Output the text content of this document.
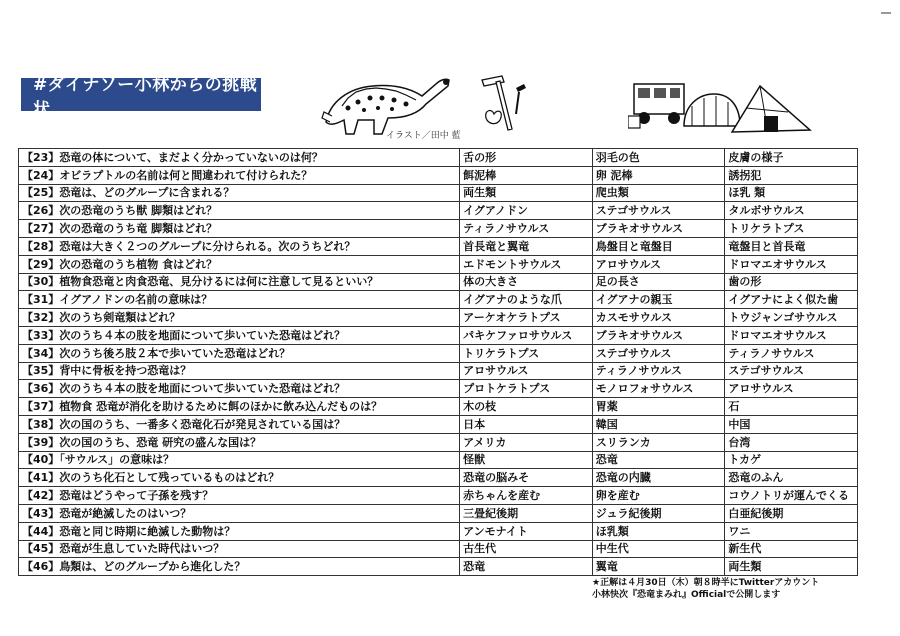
#ダイナソー小林からの挑戦状
イラスト／田中 藍
【23】恐竜の体について、まだよく分かっていないのは何？	舌の形	羽毛の色	皮膚の様子
【24】オビラプトルの名前は何と間違われて付けられた？	餌泥棒	卵 泥棒	誘拐犯
【25】恐竜は、どのグループに含まれる？	両生類	爬虫類	ほ乳 類
【26】次の恐竜のうち獣 脚類はどれ？	イグアノドン	ステゴサウルス	タルボサウルス
【27】次の恐竜のうち竜 脚類はどれ？	ティラノサウルス	ブラキオサウルス	トリケラトプス
【28】恐竜は大きく２つのグループに分けられる。次のうちどれ？	首長竜と翼竜	鳥盤目と竜盤目	竜盤目と首長竜
【29】次の恐竜のうち植物 食はどれ？	エドモントサウルス	アロサウルス	ドロマエオサウルス
【30】植物食恐竜と肉食恐竜、見分けるには何に注意して見るといい？	体の大きさ	足の長さ	歯の形
【31】イグアノドンの名前の意味は？	イグアナのような爪	イグアナの親玉	イグアナによく似た歯
【32】次のうち剣竜類はどれ？	アーケオケラトプス	カスモサウルス	トウジャンゴサウルス
【33】次のうち４本の肢を地面について歩いていた恐竜はどれ？	パキケファロサウルス	ブラキオサウルス	ドロマエオサウルス
【34】次のうち後ろ肢２本で歩いていた恐竜はどれ？	トリケラトプス	ステゴサウルス	ティラノサウルス
【35】背中に骨板を持つ恐竜は？	アロサウルス	ティラノサウルス	ステゴサウルス
【36】次のうち４本の肢を地面について歩いていた恐竜はどれ？	プロトケラトプス	モノロフォサウルス	アロサウルス
【37】植物食 恐竜が消化を助けるために餌のほかに飲み込んだものは？	木の枝	胃薬	石
【38】次の国のうち、一番多く恐竜化石が発見されている国は？	日本	韓国	中国
【39】次の国のうち、恐竜 研究の盛んな国は？	アメリカ	スリランカ	台湾
【40】「サウルス」の意味は？	怪獣	恐竜	トカゲ
【41】次のうち化石として残っているものはどれ？	恐竜の脳みそ	恐竜の内臓	恐竜のふん
【42】恐竜はどうやって子孫を残す？	赤ちゃんを産む	卵を産む	コウノトリが運んでくる
【43】恐竜が絶滅したのはいつ？	三畳紀後期	ジュラ紀後期	白亜紀後期
【44】恐竜と同じ時期に絶滅した動物は？	アンモナイト	ほ乳類	ワニ
【45】恐竜が生息していた時代はいつ？	古生代	中生代	新生代
【46】鳥類は、どのグループから進化した？	恐竜	翼竜	両生類
★正解は４月30日（木）朝８時半にTwitterアカウント
小林快次『恐竜まみれ』Officialで公開します
